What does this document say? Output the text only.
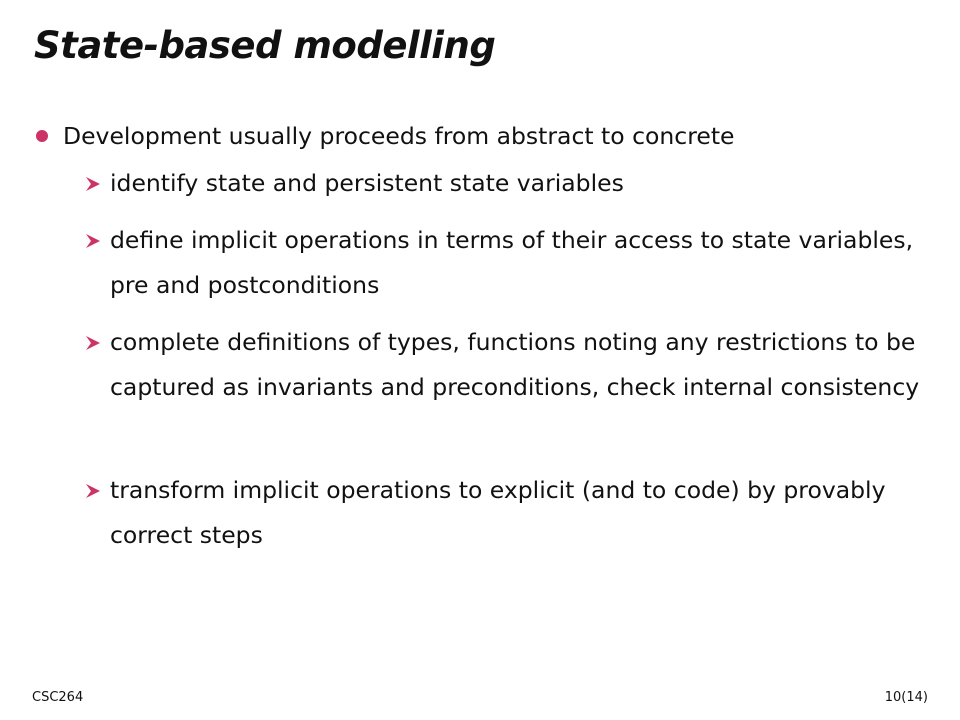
State-based modelling
Development usually proceeds from abstract to concrete
identify state and persistent state variables
define implicit operations in terms of their access to state variables, pre and postconditions
complete definitions of types, functions noting any restrictions to be captured as invariants and preconditions, check internal consistency
transform implicit operations to explicit (and to code) by provably correct steps
CSC264	10(14)
